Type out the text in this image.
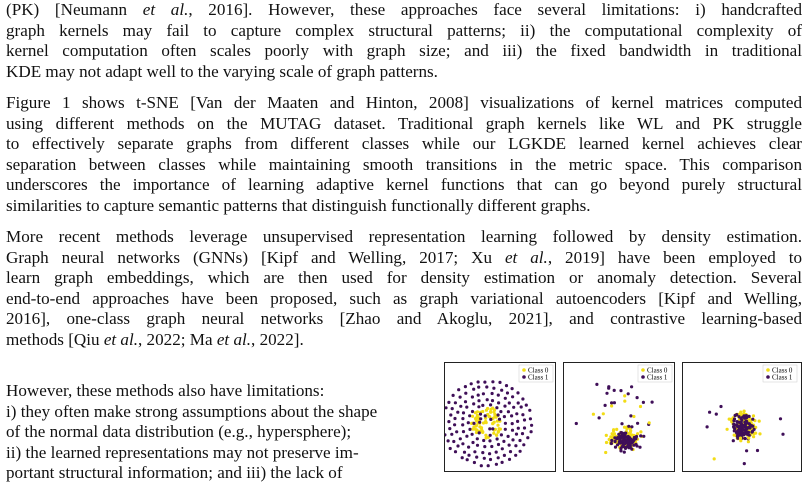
(PK) [Neumann et al., 2016]. However, these approaches face several limitations: i) handcrafted
graph kernels may fail to capture complex structural patterns; ii) the computational complexity of
kernel computation often scales poorly with graph size; and iii) the fixed bandwidth in traditional
KDE may not adapt well to the varying scale of graph patterns.
Figure 1 shows t-SNE [Van der Maaten and Hinton, 2008] visualizations of kernel matrices computed
using different methods on the MUTAG dataset. Traditional graph kernels like WL and PK struggle
to effectively separate graphs from different classes while our LGKDE learned kernel achieves clear
separation between classes while maintaining smooth transitions in the metric space. This comparison
underscores the importance of learning adaptive kernel functions that can go beyond purely structural
similarities to capture semantic patterns that distinguish functionally different graphs.
More recent methods leverage unsupervised representation learning followed by density estimation.
Graph neural networks (GNNs) [Kipf and Welling, 2017; Xu et al., 2019] have been employed to
learn graph embeddings, which are then used for density estimation or anomaly detection. Several
end-to-end approaches have been proposed, such as graph variational autoencoders [Kipf and Welling,
2016], one-class graph neural networks [Zhao and Akoglu, 2021], and contrastive learning-based
methods [Qiu et al., 2022; Ma et al., 2022].
However, these methods also have limitations:
i) they often make strong assumptions about the shape
of the normal data distribution (e.g., hypersphere);
ii) the learned representations may not preserve im-
portant structural information; and iii) the lack of
Class 0
Class 1
Class 0
Class 1
Class 0
Class 1
